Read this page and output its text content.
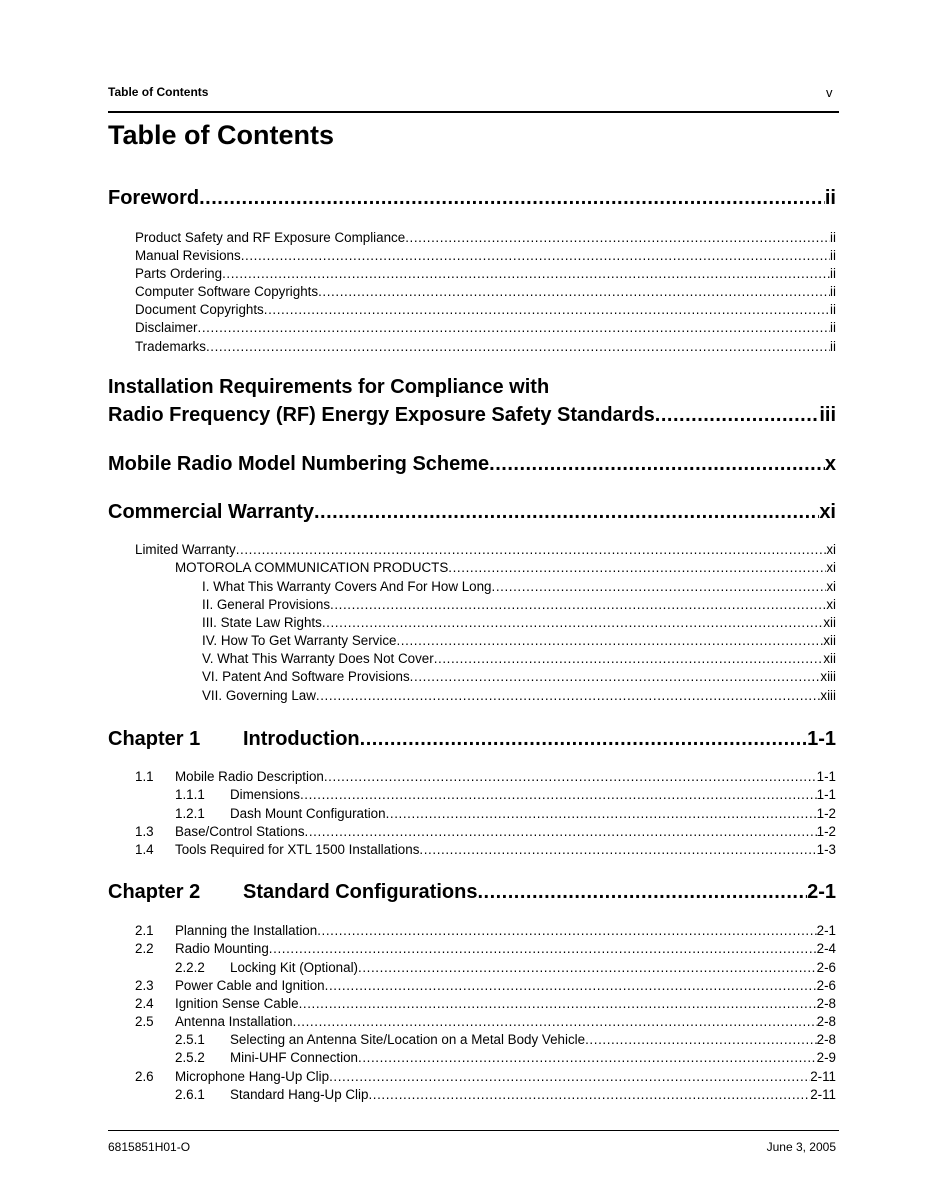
Table of Contents	v
Table of Contents
Foreword .....	ii
Product Safety and RF Exposure Compliance .....	ii
Manual Revisions .....	ii
Parts Ordering .....	ii
Computer Software Copyrights .....	ii
Document Copyrights .....	ii
Disclaimer .....	ii
Trademarks .....	ii
Installation Requirements for Compliance with
Radio Frequency (RF) Energy Exposure Safety Standards .....	iii
Mobile Radio Model Numbering Scheme .....	x
Commercial Warranty .....	xi
Limited Warranty .....	xi
MOTOROLA COMMUNICATION PRODUCTS .....	xi
I. What This Warranty Covers And For How Long .....	xi
II. General Provisions .....	xi
III. State Law Rights .....	xii
IV. How To Get Warranty Service .....	xii
V. What This Warranty Does Not Cover .....	xii
VI. Patent And Software Provisions .....	xiii
VII. Governing Law .....	xiii
Chapter 1	Introduction .....	1-1
1.1	Mobile Radio Description .....	1-1
1.1.1	Dimensions .....	1-1
1.2.1	Dash Mount Configuration .....	1-2
1.3	Base/Control Stations .....	1-2
1.4	Tools Required for XTL 1500 Installations .....	1-3
Chapter 2	Standard Configurations .....	2-1
2.1	Planning the Installation .....	2-1
2.2	Radio Mounting .....	2-4
2.2.2	Locking Kit (Optional) .....	2-6
2.3	Power Cable and Ignition .....	2-6
2.4	Ignition Sense Cable .....	2-8
2.5	Antenna Installation .....	2-8
2.5.1	Selecting an Antenna Site/Location on a Metal Body Vehicle .....	2-8
2.5.2	Mini-UHF Connection .....	2-9
2.6	Microphone Hang-Up Clip .....	2-11
2.6.1	Standard Hang-Up Clip .....	2-11
6815851H01-O	June 3, 2005
